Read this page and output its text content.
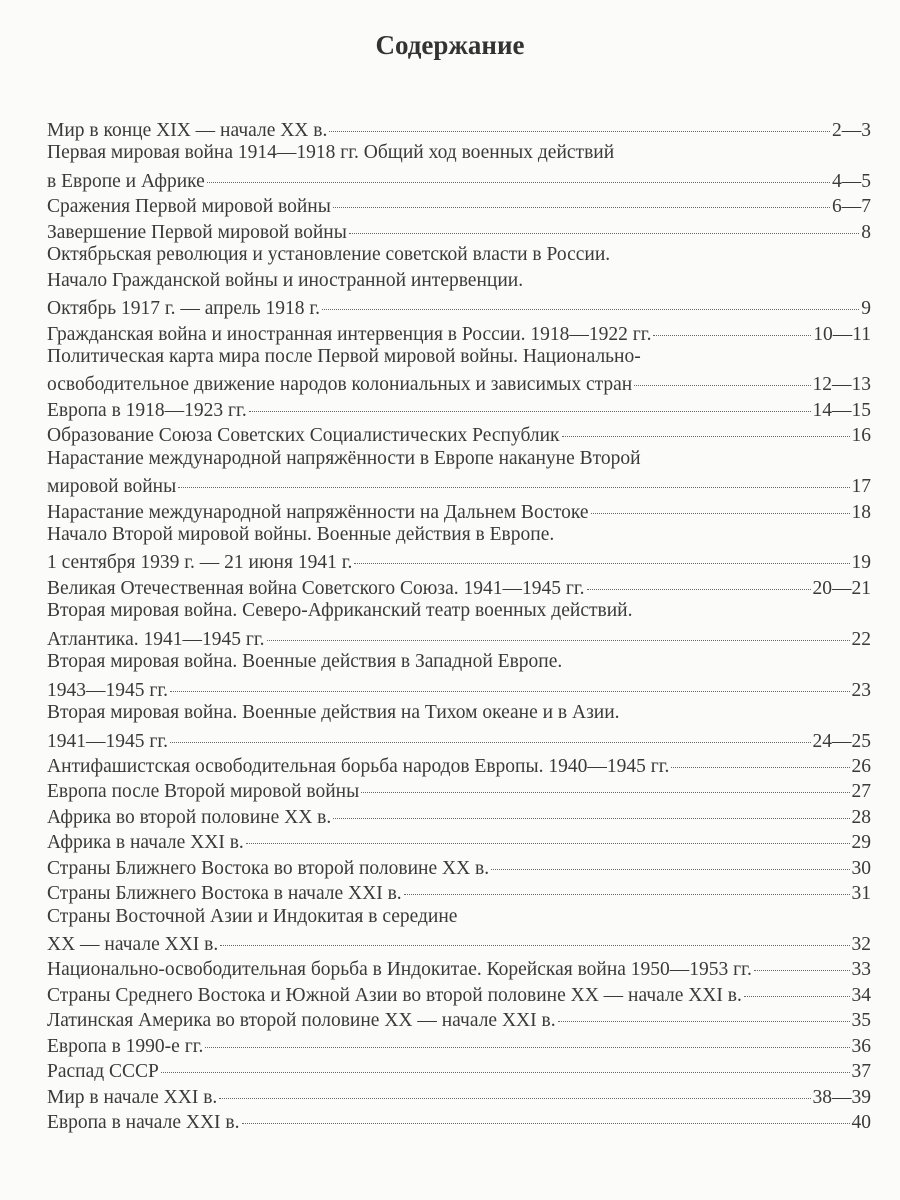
Содержание
Мир в конце XIX — начале XX в.	2—3
Первая мировая война 1914—1918 гг. Общий ход военных действий
в Европе и Африке	4—5
Сражения Первой мировой войны	6—7
Завершение Первой мировой войны	8
Октябрьская революция и установление советской власти в России.
Начало Гражданской войны и иностранной интервенции.
Октябрь 1917 г. — апрель 1918 г.	9
Гражданская война и иностранная интервенция в России. 1918—1922 гг.	10—11
Политическая карта мира после Первой мировой войны. Национально-
освободительное движение народов колониальных и зависимых стран	12—13
Европа в 1918—1923 гг.	14—15
Образование Союза Советских Социалистических Республик	16
Нарастание международной напряжённости в Европе накануне Второй
мировой войны	17
Нарастание международной напряжённости на Дальнем Востоке	18
Начало Второй мировой войны. Военные действия в Европе.
1 сентября 1939 г. — 21 июня 1941 г.	19
Великая Отечественная война Советского Союза. 1941—1945 гг.	20—21
Вторая мировая война. Северо-Африканский театр военных действий.
Атлантика. 1941—1945 гг.	22
Вторая мировая война. Военные действия в Западной Европе.
1943—1945 гг.	23
Вторая мировая война. Военные действия на Тихом океане и в Азии.
1941—1945 гг.	24—25
Антифашистская освободительная борьба народов Европы. 1940—1945 гг.	26
Европа после Второй мировой войны	27
Африка во второй половине XX в.	28
Африка в начале XXI в.	29
Страны Ближнего Востока во второй половине XX в.	30
Страны Ближнего Востока в начале XXI в.	31
Страны Восточной Азии и Индокитая в середине
XX — начале XXI в.	32
Национально-освободительная борьба в Индокитае. Корейская война 1950—1953 гг.	33
Страны Среднего Востока и Южной Азии во второй половине XX — начале XXI в.	34
Латинская Америка во второй половине XX — начале XXI в.	35
Европа в 1990-е гг.	36
Распад СССР	37
Мир в начале XXI в.	38—39
Европа в начале XXI в.	40
